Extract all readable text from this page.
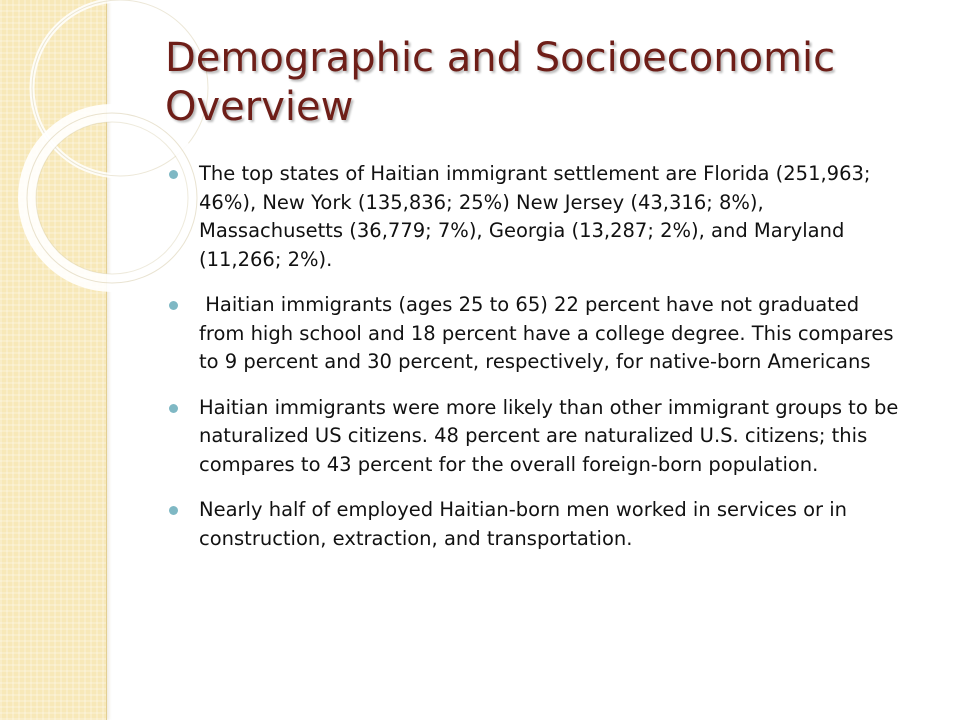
Demographic and Socioeconomic Overview
The top states of Haitian immigrant settlement are Florida (251,963; 46%), New York (135,836; 25%) New Jersey (43,316; 8%), Massachusetts (36,779; 7%), Georgia (13,287; 2%), and Maryland (11,266; 2%).
Haitian immigrants (ages 25 to 65) 22 percent have not graduated from high school and 18 percent have a college degree. This compares to 9 percent and 30 percent, respectively, for native-born Americans
Haitian immigrants were more likely than other immigrant groups to be naturalized US citizens. 48 percent are naturalized U.S. citizens; this compares to 43 percent for the overall foreign-born population.
Nearly half of employed Haitian-born men worked in services or in construction, extraction, and transportation.
